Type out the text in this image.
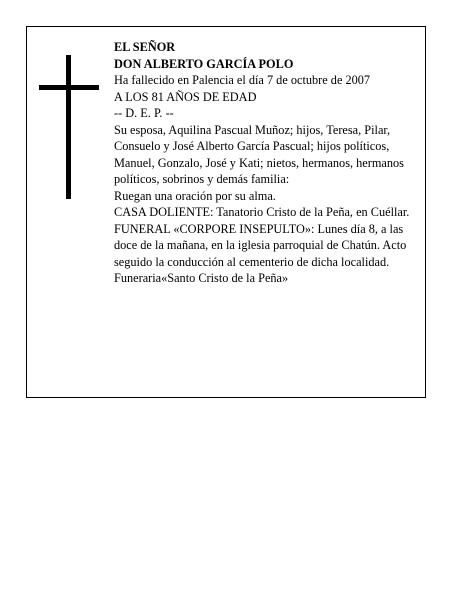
EL SEÑOR

DON ALBERTO GARCÍA POLO

Ha fallecido en Palencia el día 7 de octubre de 2007

A LOS 81 AÑOS DE EDAD

-- D. E. P. --

Su esposa, Aquilina Pascual Muñoz; hijos, Teresa, Pilar, Consuelo y José Alberto García Pascual; hijos políticos, Manuel, Gonzalo, José y Kati; nietos, hermanos, hermanos políticos, sobrinos y demás familia:

Ruegan una oración por su alma.

CASA DOLIENTE: Tanatorio Cristo de la Peña, en Cuéllar.

FUNERAL «CORPORE INSEPULTO»: Lunes día 8, a las doce de la mañana, en la iglesia parroquial de Chatún. Acto seguido la conducción al cementerio de dicha localidad.

Funeraria«Santo Cristo de la Peña»
